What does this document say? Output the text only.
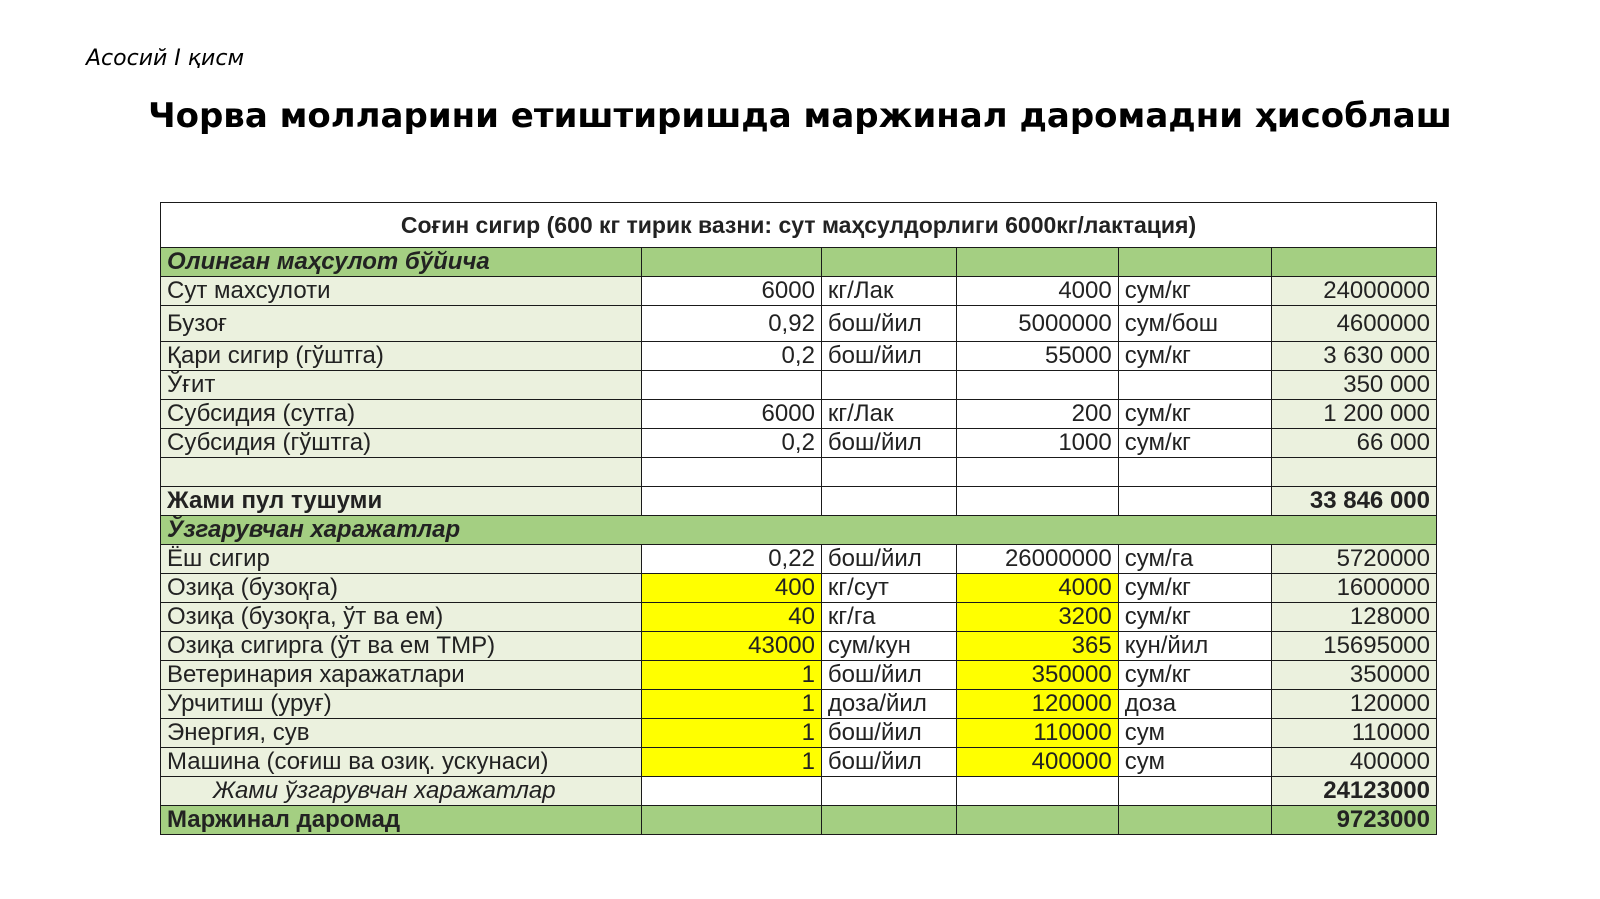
Асосий I қисм
Чорва молларини етиштиришда маржинал даромадни ҳисоблаш
Соғин сигир (600 кг тирик вазни: сут маҳсулдорлиги 6000кг/лактация)					
Олинган маҳсулот бўйича					
Сут махсулоти	6000	кг/Лак	4000	сум/кг	24000000
Бузоғ	0,92	бош/йил	5000000	сум/бош	4600000
Қари сигир (гўштга)	0,2	бош/йил	55000	сум/кг	3 630 000
Ўғит					350 000
Субсидия (сутга)	6000	кг/Лак	200	сум/кг	1 200 000
Субсидия (гўштга)	0,2	бош/йил	1000	сум/кг	66 000

Жами пул тушуми					33 846 000
Ўзгарувчан харажатлар					
Ёш сигир	0,22	бош/йил	26000000	сум/га	5720000
Озиқа (бузоқга)	400	кг/сут	4000	сум/кг	1600000
Озиқа (бузоқга, ўт ва ем)	40	кг/га	3200	сум/кг	128000
Озиқа сигирга (ўт ва ем ТМР)	43000	сум/кун	365	кун/йил	15695000
Ветеринария харажатлари	1	бош/йил	350000	сум/кг	350000
Урчитиш (уруғ)	1	доза/йил	120000	доза	120000
Энергия, сув	1	бош/йил	110000	сум	110000
Машина (соғиш ва озиқ. ускунаси)	1	бош/йил	400000	сум	400000
Жами ўзгарувчан харажатлар					24123000
Маржинал даромад					9723000
